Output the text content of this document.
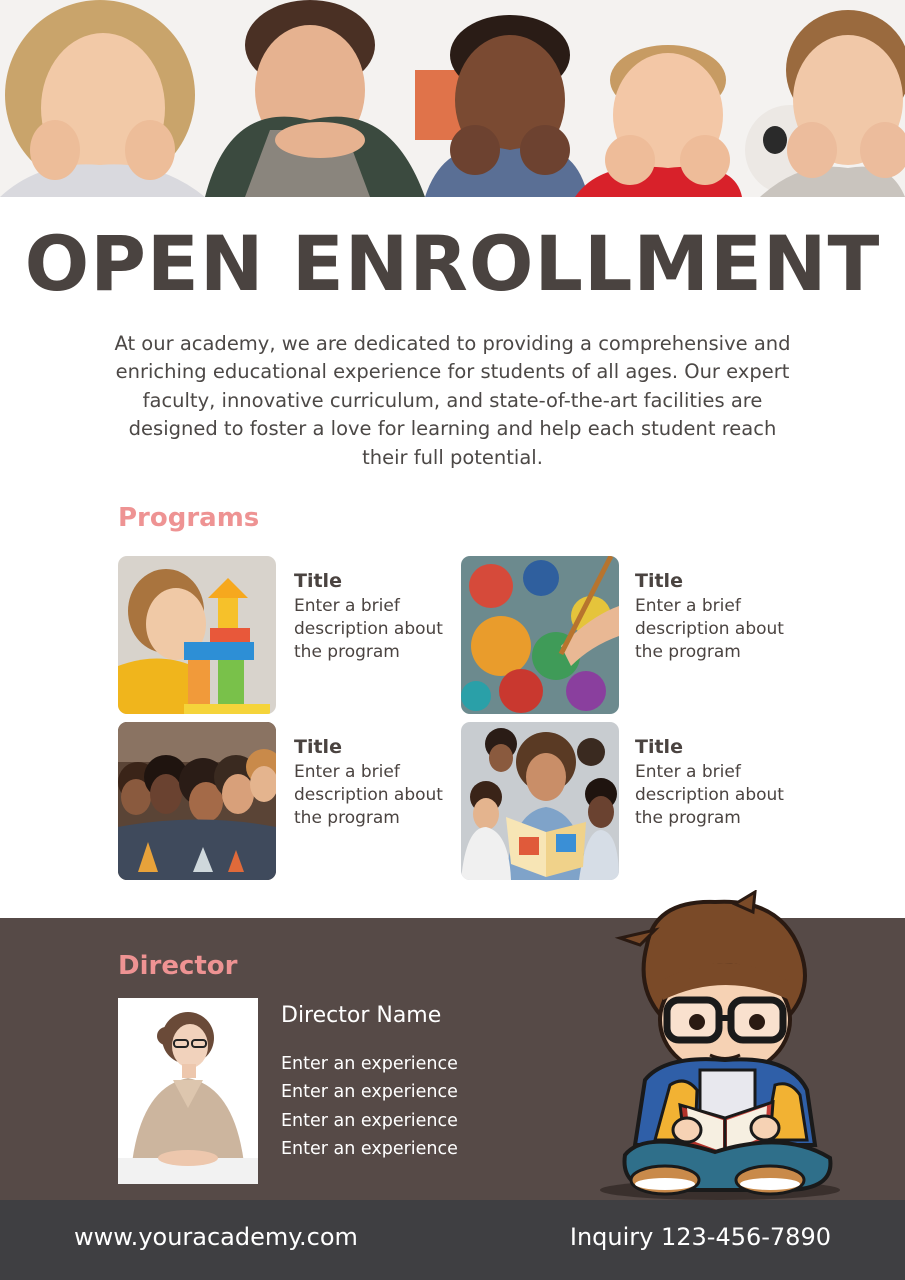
OPEN ENROLLMENT
At our academy, we are dedicated to providing a comprehensive and enriching educational experience for students of all ages. Our expert faculty, innovative curriculum, and state-of-the-art facilities are designed to foster a love for learning and help each student reach their full potential.
Programs
Title
Enter a brief description about the program
Title
Enter a brief description about the program
Title
Enter a brief description about the program
Title
Enter a brief description about the program
Director
Director Name
Enter an experience
Enter an experience
Enter an experience
Enter an experience
www.youracademy.com	Inquiry 123-456-7890
